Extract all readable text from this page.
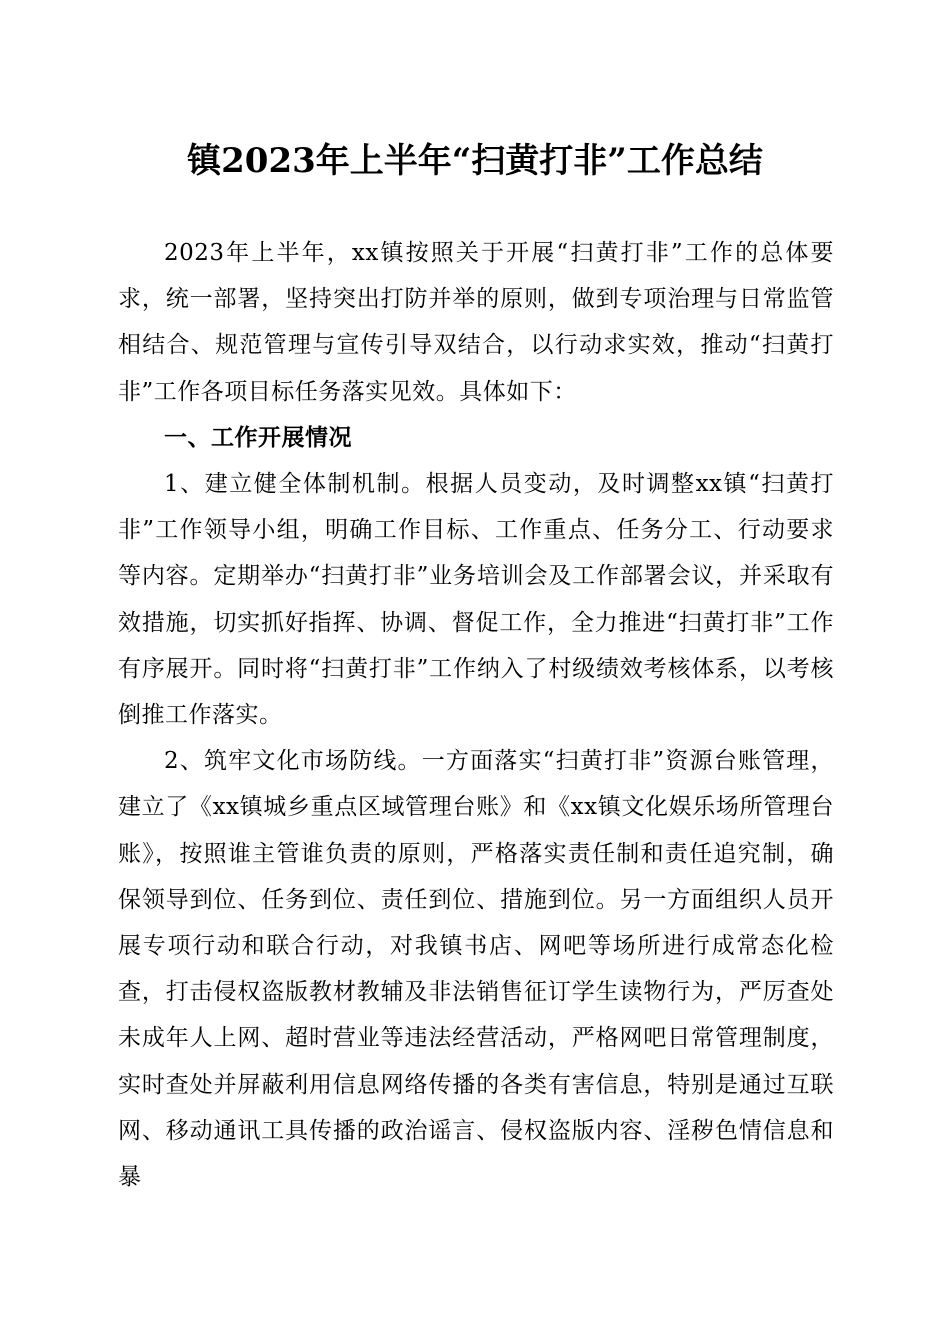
镇2023年上半年“扫黄打非”工作总结

2023年上半年，xx镇按照关于开展“扫黄打非”工作的总体要求，统一部署，坚持突出打防并举的原则，做到专项治理与日常监管相结合、规范管理与宣传引导双结合，以行动求实效，推动“扫黄打非”工作各项目标任务落实见效。具体如下：

一、工作开展情况

1、建立健全体制机制。根据人员变动，及时调整xx镇“扫黄打非”工作领导小组，明确工作目标、工作重点、任务分工、行动要求等内容。定期举办“扫黄打非”业务培训会及工作部署会议，并采取有效措施，切实抓好指挥、协调、督促工作，全力推进“扫黄打非”工作有序展开。同时将“扫黄打非”工作纳入了村级绩效考核体系，以考核倒推工作落实。

2、筑牢文化市场防线。一方面落实“扫黄打非”资源台账管理，建立了《xx镇城乡重点区域管理台账》和《xx镇文化娱乐场所管理台账》，按照谁主管谁负责的原则，严格落实责任制和责任追究制，确保领导到位、任务到位、责任到位、措施到位。另一方面组织人员开展专项行动和联合行动，对我镇书店、网吧等场所进行成常态化检查，打击侵权盗版教材教辅及非法销售征订学生读物行为，严厉查处未成年人上网、超时营业等违法经营活动，严格网吧日常管理制度，实时查处并屏蔽利用信息网络传播的各类有害信息，特别是通过互联网、移动通讯工具传播的政治谣言、侵权盗版内容、淫秽色情信息和暴
